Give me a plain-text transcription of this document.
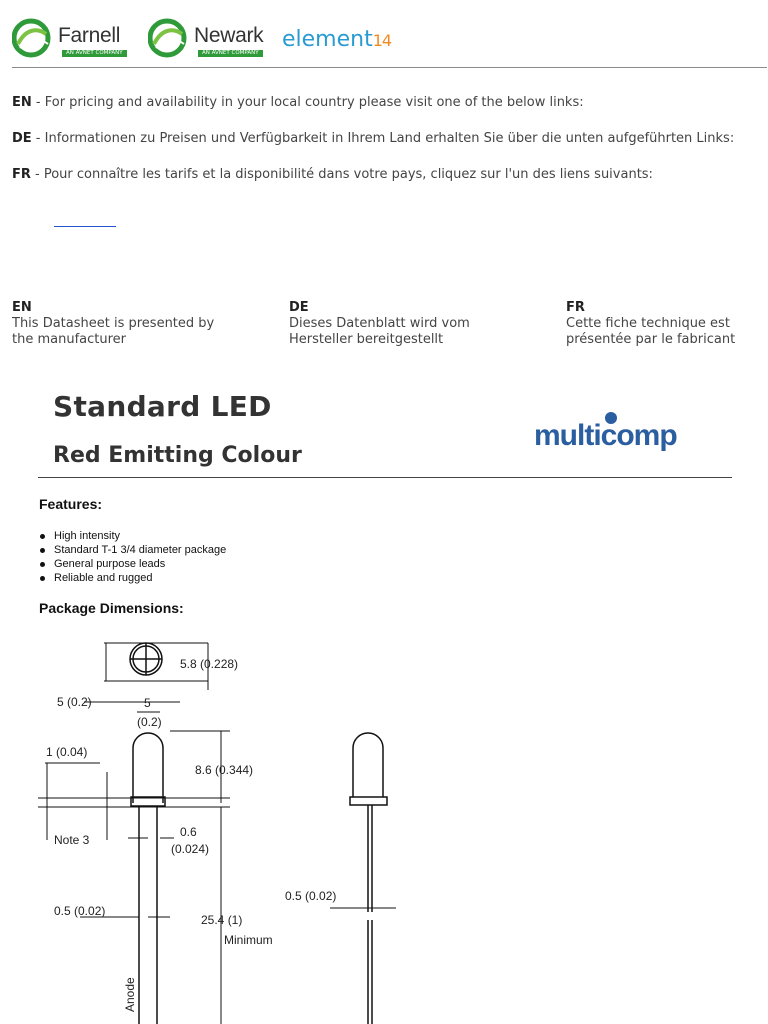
Farnell
AN AVNET COMPANY
Newark
AN AVNET COMPANY
element14
EN - For pricing and availability in your local country please visit one of the below links:
DE - Informationen zu Preisen und Verfügbarkeit in Ihrem Land erhalten Sie über die unten aufgeführten Links:
FR - Pour connaître les tarifs et la disponibilité dans votre pays, cliquez sur l'un des liens suivants:
EN
This Datasheet is presented by
the manufacturer
DE
Dieses Datenblatt wird vom
Hersteller bereitgestellt
FR
Cette fiche technique est
présentée par le fabricant
Standard LED
Red Emitting Colour
multicomp
Features:
High intensity
Standard T-1 3/4 diameter package
General purpose leads
Reliable and rugged
Package Dimensions:
5.8 (0.228)
5 (0.2)	5
(0.2)
1 (0.04)
8.6 (0.344)
Note 3
0.6
(0.024)
0.5 (0.02)
25.4 (1)
Minimum
0.5 (0.02)
Anode
